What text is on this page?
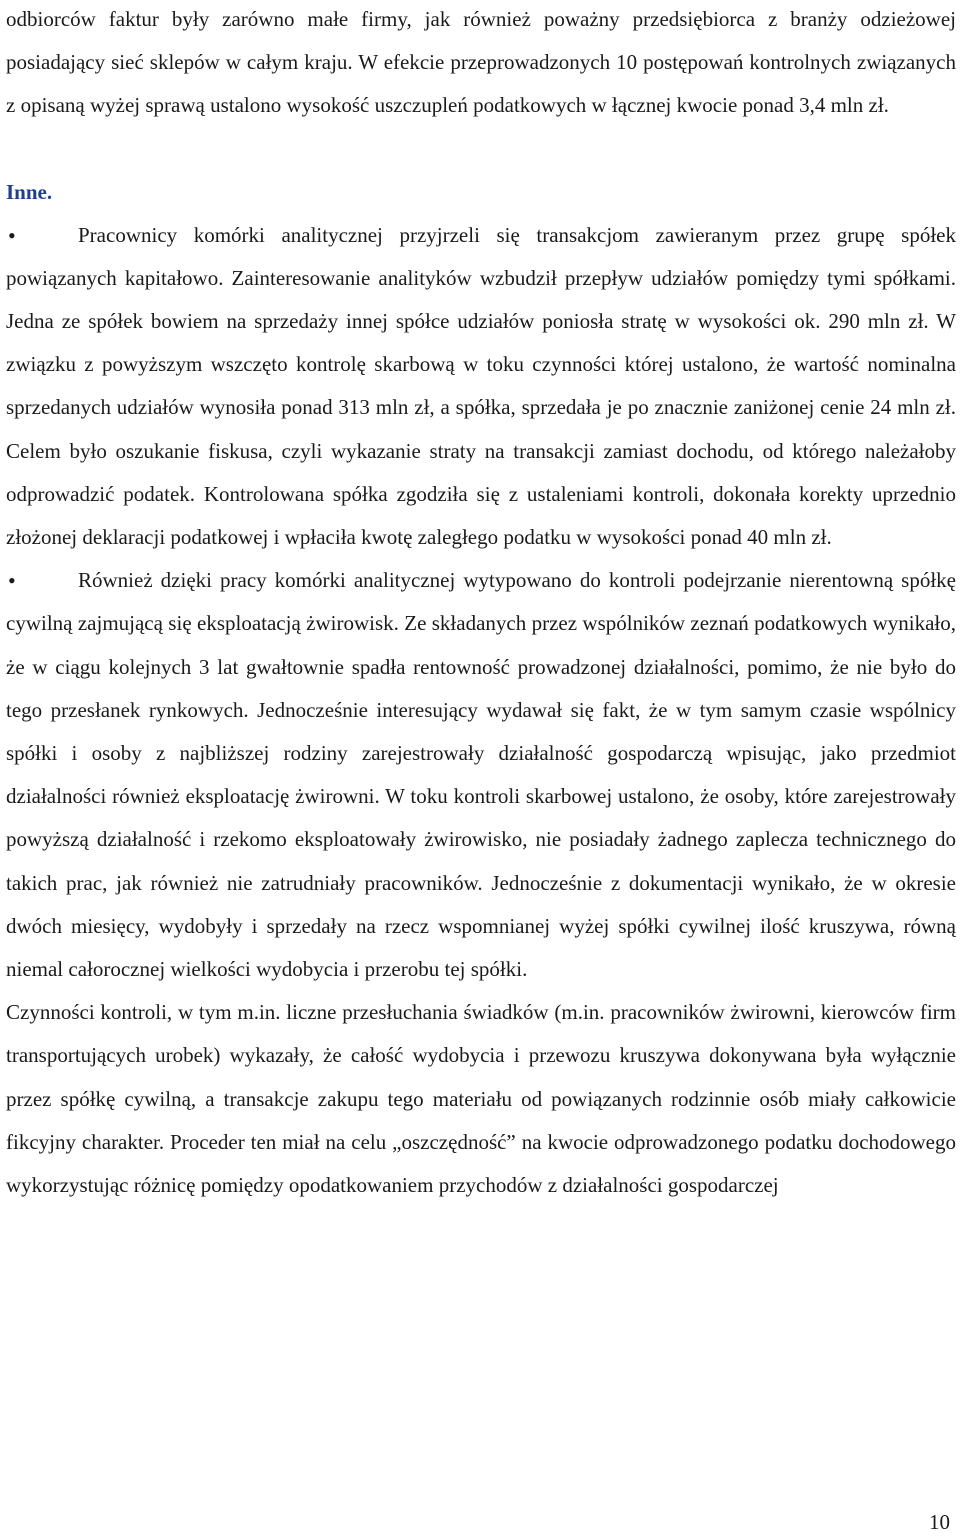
odbiorców faktur były zarówno małe firmy, jak również poważny przedsiębiorca z branży odzieżowej posiadający sieć sklepów w całym kraju. W efekcie przeprowadzonych 10 postępowań kontrolnych związanych z opisaną wyżej sprawą ustalono wysokość uszczupleń podatkowych w łącznej kwocie ponad 3,4 mln zł.

Inne.

•	Pracownicy komórki analitycznej przyjrzeli się transakcjom zawieranym przez grupę spółek powiązanych kapitałowo. Zainteresowanie analityków wzbudził przepływ udziałów pomiędzy tymi spółkami. Jedna ze spółek bowiem na sprzedaży innej spółce udziałów poniosła stratę w wysokości ok. 290 mln zł. W związku z powyższym wszczęto kontrolę skarbową w toku czynności której ustalono, że wartość nominalna sprzedanych udziałów wynosiła ponad 313 mln zł, a spółka, sprzedała je po znacznie zaniżonej cenie 24 mln zł. Celem było oszukanie fiskusa, czyli wykazanie straty na transakcji zamiast dochodu, od którego należałoby odprowadzić podatek. Kontrolowana spółka zgodziła się z ustaleniami kontroli, dokonała korekty uprzednio złożonej deklaracji podatkowej i wpłaciła kwotę zaległego podatku w wysokości ponad 40 mln zł.

•	Również dzięki pracy komórki analitycznej wytypowano do kontroli podejrzanie nierentowną spółkę cywilną zajmującą się eksploatacją żwirowisk. Ze składanych przez wspólników zeznań podatkowych wynikało, że w ciągu kolejnych 3 lat gwałtownie spadła rentowność prowadzonej działalności, pomimo, że nie było do tego przesłanek rynkowych. Jednocześnie interesujący wydawał się fakt, że w tym samym czasie wspólnicy spółki i osoby z najbliższej rodziny zarejestrowały działalność gospodarczą wpisując, jako przedmiot działalności również eksploatację żwirowni. W toku kontroli skarbowej ustalono, że osoby, które zarejestrowały powyższą działalność i rzekomo eksploatowały żwirowisko, nie posiadały żadnego zaplecza technicznego do takich prac, jak również nie zatrudniały pracowników. Jednocześnie z dokumentacji wynikało, że w okresie dwóch miesięcy, wydobyły i sprzedały na rzecz wspomnianej wyżej spółki cywilnej ilość kruszywa, równą niemal całorocznej wielkości wydobycia i przerobu tej spółki.

Czynności kontroli, w tym m.in. liczne przesłuchania świadków (m.in. pracowników żwirowni, kierowców firm transportujących urobek) wykazały, że całość wydobycia i przewozu kruszywa dokonywana była wyłącznie przez spółkę cywilną, a transakcje zakupu tego materiału od powiązanych rodzinnie osób miały całkowicie fikcyjny charakter. Proceder ten miał na celu „oszczędność” na kwocie odprowadzonego podatku dochodowego wykorzystując różnicę pomiędzy opodatkowaniem przychodów z działalności gospodarczej

10
